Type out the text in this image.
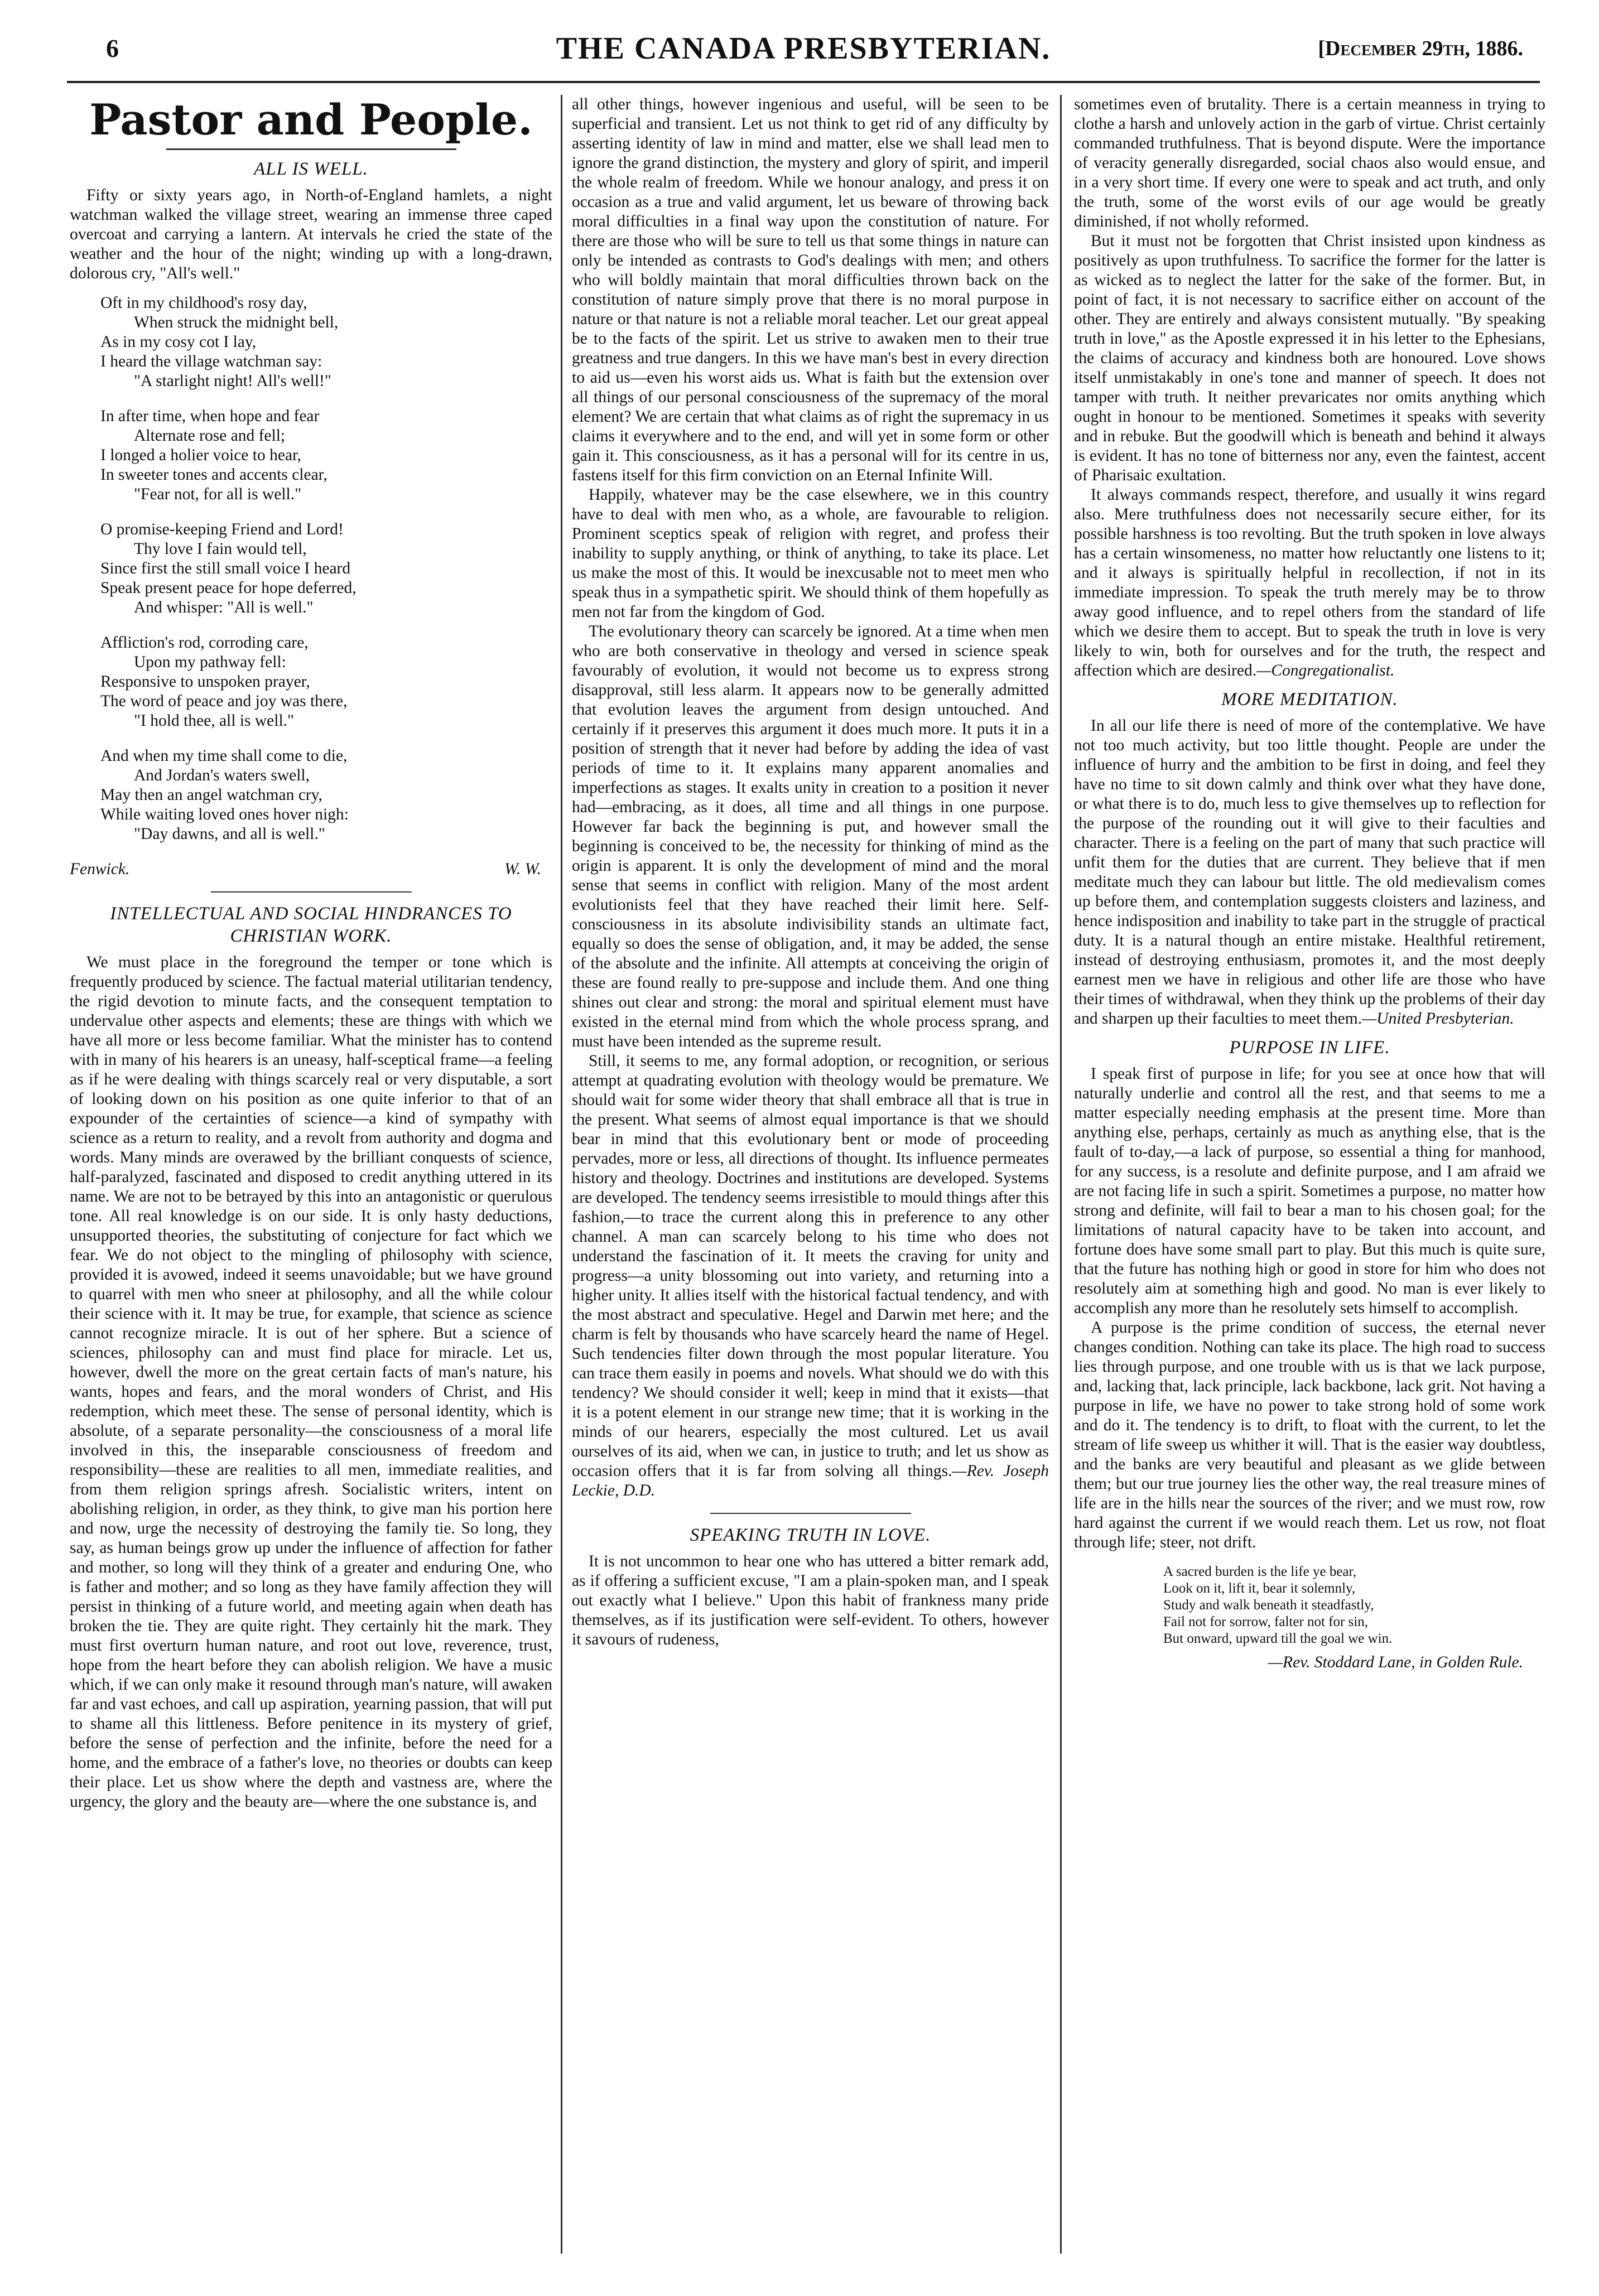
6	THE CANADA PRESBYTERIAN.	[December 29th, 1886.
Pastor and People.
ALL IS WELL.

Fifty or sixty years ago, in North-of-England hamlets, a night watchman walked the village street, wearing an immense three caped overcoat and carrying a lantern. At intervals he cried the state of the weather and the hour of the night; winding up with a long-drawn, dolorous cry, "All's well."

Oft in my childhood's rosy day,
When struck the midnight bell,
As in my cosy cot I lay,
I heard the village watchman say:
"A starlight night! All's well!"
In after time, when hope and fear
Alternate rose and fell;
I longed a holier voice to hear,
In sweeter tones and accents clear,
"Fear not, for all is well."
O promise-keeping Friend and Lord!
Thy love I fain would tell,
Since first the still small voice I heard
Speak present peace for hope deferred,
And whisper: "All is well."
Affliction's rod, corroding care,
Upon my pathway fell:
Responsive to unspoken prayer,
The word of peace and joy was there,
"I hold thee, all is well."
And when my time shall come to die,
And Jordan's waters swell,
May then an angel watchman cry,
While waiting loved ones hover nigh:
"Day dawns, and all is well."
Fenwick.	W. W.
INTELLECTUAL AND SOCIAL HINDRANCES TO CHRISTIAN WORK.

We must place in the foreground the temper or tone which is frequently produced by science. The factual material utilitarian tendency, the rigid devotion to minute facts, and the consequent temptation to undervalue other aspects and elements; these are things with which we have all more or less become familiar. What the minister has to contend with in many of his hearers is an uneasy, half-sceptical frame—a feeling as if he were dealing with things scarcely real or very disputable, a sort of looking down on his position as one quite inferior to that of an expounder of the certainties of science—a kind of sympathy with science as a return to reality, and a revolt from authority and dogma and words. Many minds are overawed by the brilliant conquests of science, half-paralyzed, fascinated and disposed to credit anything uttered in its name. We are not to be betrayed by this into an antagonistic or querulous tone. All real knowledge is on our side. It is only hasty deductions, unsupported theories, the substituting of conjecture for fact which we fear. We do not object to the mingling of philosophy with science, provided it is avowed, indeed it seems unavoidable; but we have ground to quarrel with men who sneer at philosophy, and all the while colour their science with it. It may be true, for example, that science as science cannot recognize miracle. It is out of her sphere. But a science of sciences, philosophy can and must find place for miracle. Let us, however, dwell the more on the great certain facts of man's nature, his wants, hopes and fears, and the moral wonders of Christ, and His redemption, which meet these. The sense of personal identity, which is absolute, of a separate personality—the consciousness of a moral life involved in this, the inseparable consciousness of freedom and responsibility—these are realities to all men, immediate realities, and from them religion springs afresh. Socialistic writers, intent on abolishing religion, in order, as they think, to give man his portion here and now, urge the necessity of destroying the family tie. So long, they say, as human beings grow up under the influence of affection for father and mother, so long will they think of a greater and enduring One, who is father and mother; and so long as they have family affection they will persist in thinking of a future world, and meeting again when death has broken the tie. They are quite right. They certainly hit the mark. They must first overturn human nature, and root out love, reverence, trust, hope from the heart before they can abolish religion. We have a music which, if we can only make it resound through man's nature, will awaken far and vast echoes, and call up aspiration, yearning passion, that will put to shame all this littleness. Before penitence in its mystery of grief, before the sense of perfection and the infinite, before the need for a home, and the embrace of a father's love, no theories or doubts can keep their place. Let us show where the depth and vastness are, where the urgency, the glory and the beauty are—where the one substance is, and

all other things, however ingenious and useful, will be seen to be superficial and transient. Let us not think to get rid of any difficulty by asserting identity of law in mind and matter, else we shall lead men to ignore the grand distinction, the mystery and glory of spirit, and imperil the whole realm of freedom. While we honour analogy, and press it on occasion as a true and valid argument, let us beware of throwing back moral difficulties in a final way upon the constitution of nature. For there are those who will be sure to tell us that some things in nature can only be intended as contrasts to God's dealings with men; and others who will boldly maintain that moral difficulties thrown back on the constitution of nature simply prove that there is no moral purpose in nature or that nature is not a reliable moral teacher. Let our great appeal be to the facts of the spirit. Let us strive to awaken men to their true greatness and true dangers. In this we have man's best in every direction to aid us—even his worst aids us. What is faith but the extension over all things of our personal consciousness of the supremacy of the moral element? We are certain that what claims as of right the supremacy in us claims it everywhere and to the end, and will yet in some form or other gain it. This consciousness, as it has a personal will for its centre in us, fastens itself for this firm conviction on an Eternal Infinite Will.

Happily, whatever may be the case elsewhere, we in this country have to deal with men who, as a whole, are favourable to religion. Prominent sceptics speak of religion with regret, and profess their inability to supply anything, or think of anything, to take its place. Let us make the most of this. It would be inexcusable not to meet men who speak thus in a sympathetic spirit. We should think of them hopefully as men not far from the kingdom of God.

The evolutionary theory can scarcely be ignored. At a time when men who are both conservative in theology and versed in science speak favourably of evolution, it would not become us to express strong disapproval, still less alarm. It appears now to be generally admitted that evolution leaves the argument from design untouched. And certainly if it preserves this argument it does much more. It puts it in a position of strength that it never had before by adding the idea of vast periods of time to it. It explains many apparent anomalies and imperfections as stages. It exalts unity in creation to a position it never had—embracing, as it does, all time and all things in one purpose. However far back the beginning is put, and however small the beginning is conceived to be, the necessity for thinking of mind as the origin is apparent. It is only the development of mind and the moral sense that seems in conflict with religion. Many of the most ardent evolutionists feel that they have reached their limit here. Self-consciousness in its absolute indivisibility stands an ultimate fact, equally so does the sense of obligation, and, it may be added, the sense of the absolute and the infinite. All attempts at conceiving the origin of these are found really to pre-suppose and include them. And one thing shines out clear and strong: the moral and spiritual element must have existed in the eternal mind from which the whole process sprang, and must have been intended as the supreme result.

Still, it seems to me, any formal adoption, or recognition, or serious attempt at quadrating evolution with theology would be premature. We should wait for some wider theory that shall embrace all that is true in the present. What seems of almost equal importance is that we should bear in mind that this evolutionary bent or mode of proceeding pervades, more or less, all directions of thought. Its influence permeates history and theology. Doctrines and institutions are developed. Systems are developed. The tendency seems irresistible to mould things after this fashion,—to trace the current along this in preference to any other channel. A man can scarcely belong to his time who does not understand the fascination of it. It meets the craving for unity and progress—a unity blossoming out into variety, and returning into a higher unity. It allies itself with the historical factual tendency, and with the most abstract and speculative. Hegel and Darwin met here; and the charm is felt by thousands who have scarcely heard the name of Hegel. Such tendencies filter down through the most popular literature. You can trace them easily in poems and novels. What should we do with this tendency? We should consider it well; keep in mind that it exists—that it is a potent element in our strange new time; that it is working in the minds of our hearers, especially the most cultured. Let us avail ourselves of its aid, when we can, in justice to truth; and let us show as occasion offers that it is far from solving all things.—Rev. Joseph Leckie, D.D.

SPEAKING TRUTH IN LOVE.

It is not uncommon to hear one who has uttered a bitter remark add, as if offering a sufficient excuse, "I am a plain-spoken man, and I speak out exactly what I believe." Upon this habit of frankness many pride themselves, as if its justification were self-evident. To others, however it savours of rudeness,

sometimes even of brutality. There is a certain meanness in trying to clothe a harsh and unlovely action in the garb of virtue. Christ certainly commanded truthfulness. That is beyond dispute. Were the importance of veracity generally disregarded, social chaos also would ensue, and in a very short time. If every one were to speak and act truth, and only the truth, some of the worst evils of our age would be greatly diminished, if not wholly reformed.

But it must not be forgotten that Christ insisted upon kindness as positively as upon truthfulness. To sacrifice the former for the latter is as wicked as to neglect the latter for the sake of the former. But, in point of fact, it is not necessary to sacrifice either on account of the other. They are entirely and always consistent mutually. "By speaking truth in love," as the Apostle expressed it in his letter to the Ephesians, the claims of accuracy and kindness both are honoured. Love shows itself unmistakably in one's tone and manner of speech. It does not tamper with truth. It neither prevaricates nor omits anything which ought in honour to be mentioned. Sometimes it speaks with severity and in rebuke. But the goodwill which is beneath and behind it always is evident. It has no tone of bitterness nor any, even the faintest, accent of Pharisaic exultation.

It always commands respect, therefore, and usually it wins regard also. Mere truthfulness does not necessarily secure either, for its possible harshness is too revolting. But the truth spoken in love always has a certain winsomeness, no matter how reluctantly one listens to it; and it always is spiritually helpful in recollection, if not in its immediate impression. To speak the truth merely may be to throw away good influence, and to repel others from the standard of life which we desire them to accept. But to speak the truth in love is very likely to win, both for ourselves and for the truth, the respect and affection which are desired.—Congregationalist.

MORE MEDITATION.

In all our life there is need of more of the contemplative. We have not too much activity, but too little thought. People are under the influence of hurry and the ambition to be first in doing, and feel they have no time to sit down calmly and think over what they have done, or what there is to do, much less to give themselves up to reflection for the purpose of the rounding out it will give to their faculties and character. There is a feeling on the part of many that such practice will unfit them for the duties that are current. They believe that if men meditate much they can labour but little. The old medievalism comes up before them, and contemplation suggests cloisters and laziness, and hence indisposition and inability to take part in the struggle of practical duty. It is a natural though an entire mistake. Healthful retirement, instead of destroying enthusiasm, promotes it, and the most deeply earnest men we have in religious and other life are those who have their times of withdrawal, when they think up the problems of their day and sharpen up their faculties to meet them.—United Presbyterian.

PURPOSE IN LIFE.

I speak first of purpose in life; for you see at once how that will naturally underlie and control all the rest, and that seems to me a matter especially needing emphasis at the present time. More than anything else, perhaps, certainly as much as anything else, that is the fault of to-day,—a lack of purpose, so essential a thing for manhood, for any success, is a resolute and definite purpose, and I am afraid we are not facing life in such a spirit. Sometimes a purpose, no matter how strong and definite, will fail to bear a man to his chosen goal; for the limitations of natural capacity have to be taken into account, and fortune does have some small part to play. But this much is quite sure, that the future has nothing high or good in store for him who does not resolutely aim at something high and good. No man is ever likely to accomplish any more than he resolutely sets himself to accomplish.

A purpose is the prime condition of success, the eternal never changes condition. Nothing can take its place. The high road to success lies through purpose, and one trouble with us is that we lack purpose, and, lacking that, lack principle, lack backbone, lack grit. Not having a purpose in life, we have no power to take strong hold of some work and do it. The tendency is to drift, to float with the current, to let the stream of life sweep us whither it will. That is the easier way doubtless, and the banks are very beautiful and pleasant as we glide between them; but our true journey lies the other way, the real treasure mines of life are in the hills near the sources of the river; and we must row, row hard against the current if we would reach them. Let us row, not float through life; steer, not drift.

A sacred burden is the life ye bear,
Look on it, lift it, bear it solemnly,
Study and walk beneath it steadfastly,
Fail not for sorrow, falter not for sin,
But onward, upward till the goal we win.
—Rev. Stoddard Lane, in Golden Rule.
